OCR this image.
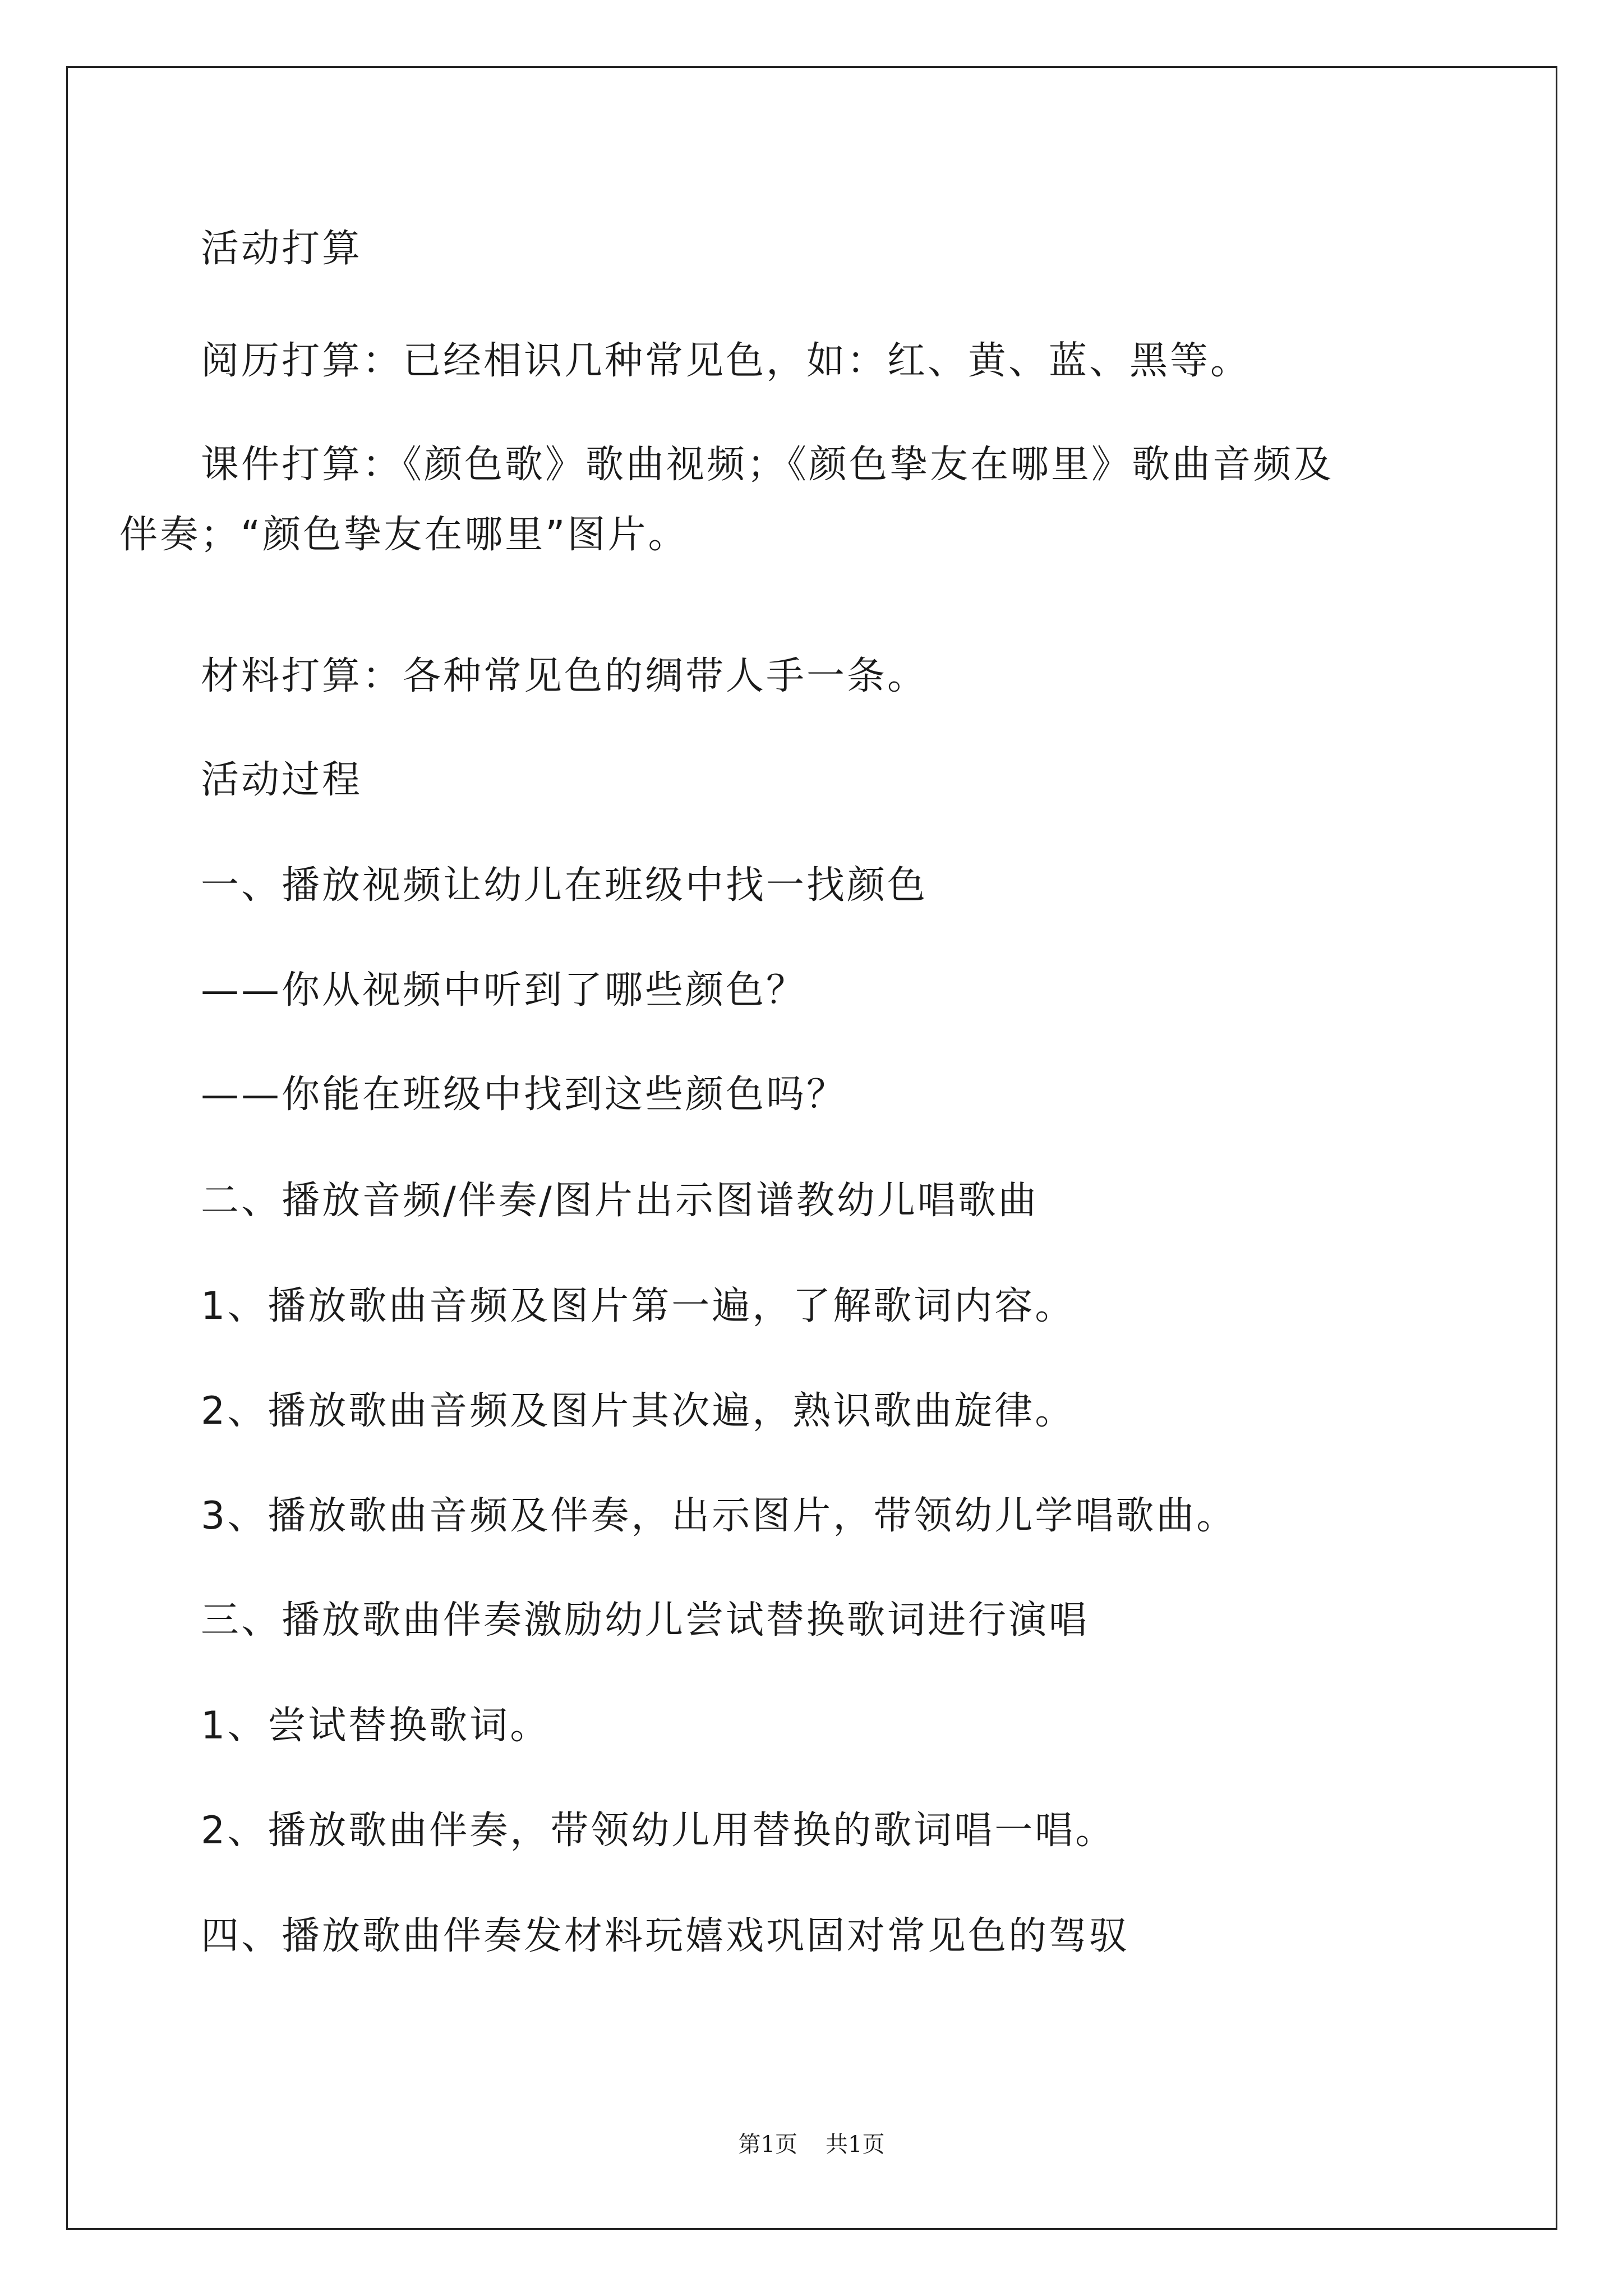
活动打算

阅历打算：已经相识几种常见色，如：红、黄、蓝、黑等。

课件打算：《颜色歌》歌曲视频；《颜色挚友在哪里》歌曲音频及

伴奏；“颜色挚友在哪里”图片。

材料打算：各种常见色的绸带人手一条。

活动过程

一、播放视频让幼儿在班级中找一找颜色

——你从视频中听到了哪些颜色？

——你能在班级中找到这些颜色吗？

二、播放音频/伴奏/图片出示图谱教幼儿唱歌曲

1、播放歌曲音频及图片第一遍，了解歌词内容。

2、播放歌曲音频及图片其次遍，熟识歌曲旋律。

3、播放歌曲音频及伴奏，出示图片，带领幼儿学唱歌曲。

三、播放歌曲伴奏激励幼儿尝试替换歌词进行演唱

1、尝试替换歌词。

2、播放歌曲伴奏，带领幼儿用替换的歌词唱一唱。

四、播放歌曲伴奏发材料玩嬉戏巩固对常见色的驾驭

第1页 共1页
